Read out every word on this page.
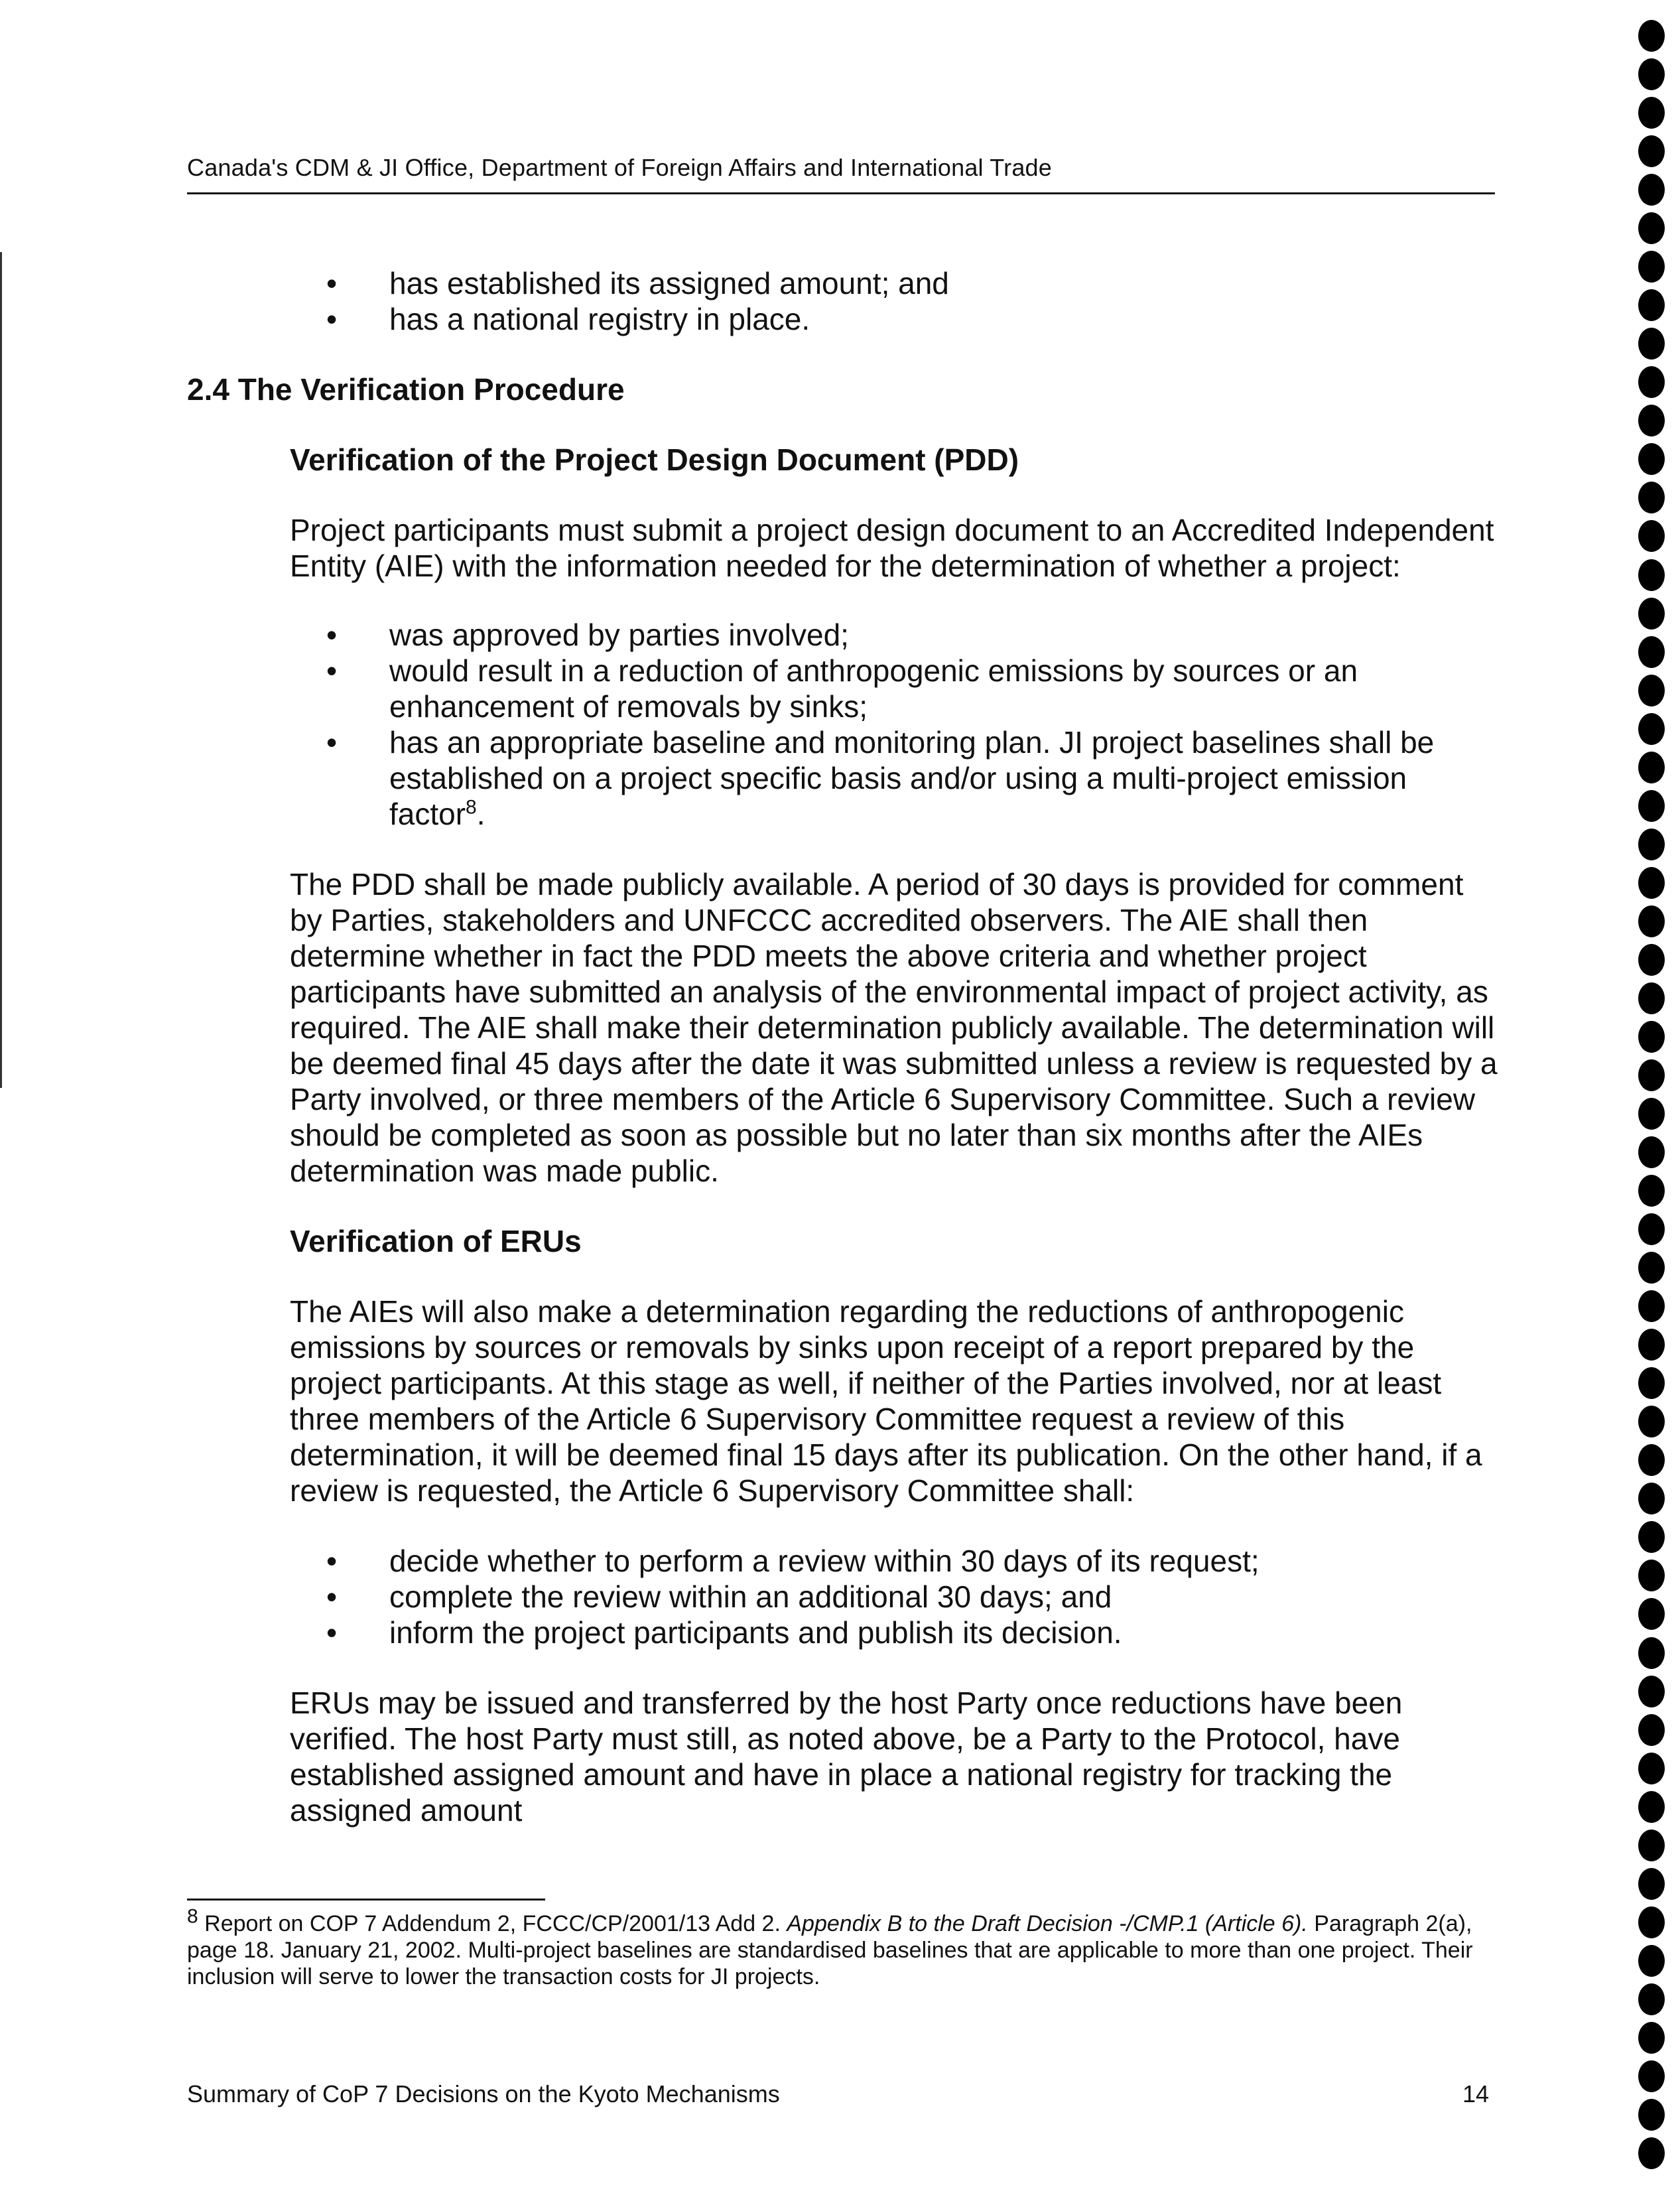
Canada's CDM & JI Office, Department of Foreign Affairs and International Trade
• has established its assigned amount; and
• has a national registry in place.
2.4 The Verification Procedure
Verification of the Project Design Document (PDD)

Project participants must submit a project design document to an Accredited Independent Entity (AIE) with the information needed for the determination of whether a project:

• was approved by parties involved;
• would result in a reduction of anthropogenic emissions by sources or an enhancement of removals by sinks;
• has an appropriate baseline and monitoring plan. JI project baselines shall be established on a project specific basis and/or using a multi-project emission factor$^8$.

The PDD shall be made publicly available. A period of 30 days is provided for comment by Parties, stakeholders and UNFCCC accredited observers. The AIE shall then determine whether in fact the PDD meets the above criteria and whether project participants have submitted an analysis of the environmental impact of project activity, as required. The AIE shall make their determination publicly available. The determination will be deemed final 45 days after the date it was submitted unless a review is requested by a Party involved, or three members of the Article 6 Supervisory Committee. Such a review should be completed as soon as possible but no later than six months after the AIEs determination was made public.

Verification of ERUs

The AIEs will also make a determination regarding the reductions of anthropogenic emissions by sources or removals by sinks upon receipt of a report prepared by the project participants. At this stage as well, if neither of the Parties involved, nor at least three members of the Article 6 Supervisory Committee request a review of this determination, it will be deemed final 15 days after its publication. On the other hand, if a review is requested, the Article 6 Supervisory Committee shall:

• decide whether to perform a review within 30 days of its request;
• complete the review within an additional 30 days; and
• inform the project participants and publish its decision.

ERUs may be issued and transferred by the host Party once reductions have been verified. The host Party must still, as noted above, be a Party to the Protocol, have established assigned amount and have in place a national registry for tracking the assigned amount

$^8$ Report on COP 7 Addendum 2, FCCC/CP/2001/13 Add 2. Appendix B to the Draft Decision -/CMP.1 (Article 6). Paragraph 2(a), page 18. January 21, 2002. Multi-project baselines are standardised baselines that are applicable to more than one project. Their inclusion will serve to lower the transaction costs for JI projects.
Summary of CoP 7 Decisions on the Kyoto Mechanisms	14
